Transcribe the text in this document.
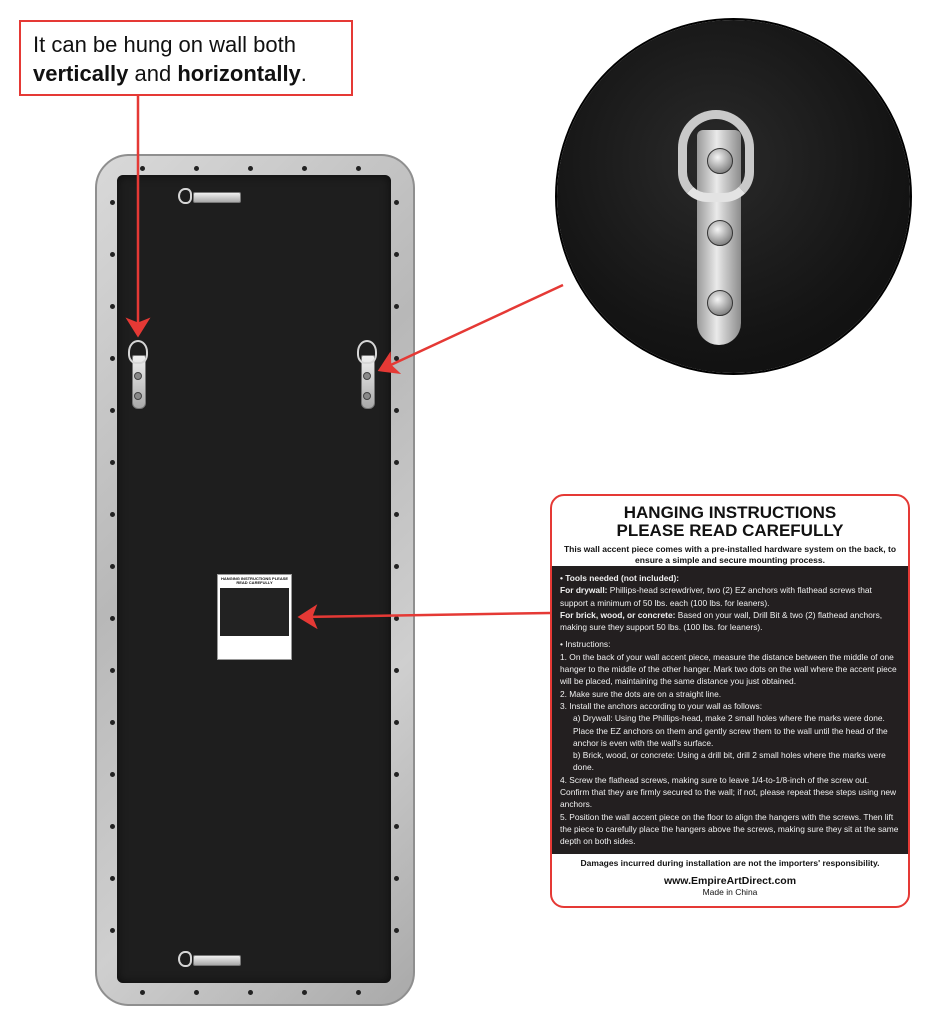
It can be hung on wall both
vertically and horizontally.
HANGING INSTRUCTIONS PLEASE READ CAREFULLY
HANGING INSTRUCTIONS
PLEASE READ CAREFULLY
This wall accent piece comes with a pre-installed hardware system on the back, to ensure a simple and secure mounting process.

• Tools needed (not included):

For drywall: Phillips-head screwdriver, two (2) EZ anchors with flathead screws that support a minimum of 50 lbs. each (100 lbs. for leaners).

For brick, wood, or concrete: Based on your wall, Drill Bit & two (2) flathead anchors, making sure they support 50 lbs. (100 lbs. for leaners).

• Instructions:

1. On the back of your wall accent piece, measure the distance between the middle of one hanger to the middle of the other hanger. Mark two dots on the wall where the accent piece will be placed, maintaining the same distance you just obtained.

2. Make sure the dots are on a straight line.

3. Install the anchors according to your wall as follows:

a) Drywall: Using the Phillips-head, make 2 small holes where the marks were done. Place the EZ anchors on them and gently screw them to the wall until the head of the anchor is even with the wall's surface.

b) Brick, wood, or concrete: Using a drill bit, drill 2 small holes where the marks were done.

4. Screw the flathead screws, making sure to leave 1/4-to-1/8-inch of the screw out. Confirm that they are firmly secured to the wall; if not, please repeat these steps using new anchors.

5. Position the wall accent piece on the floor to align the hangers with the screws. Then lift the piece to carefully place the hangers above the screws, making sure they sit at the same depth on both sides.

Damages incurred during installation are not the importers' responsibility.
www.EmpireArtDirect.com
Made in China
